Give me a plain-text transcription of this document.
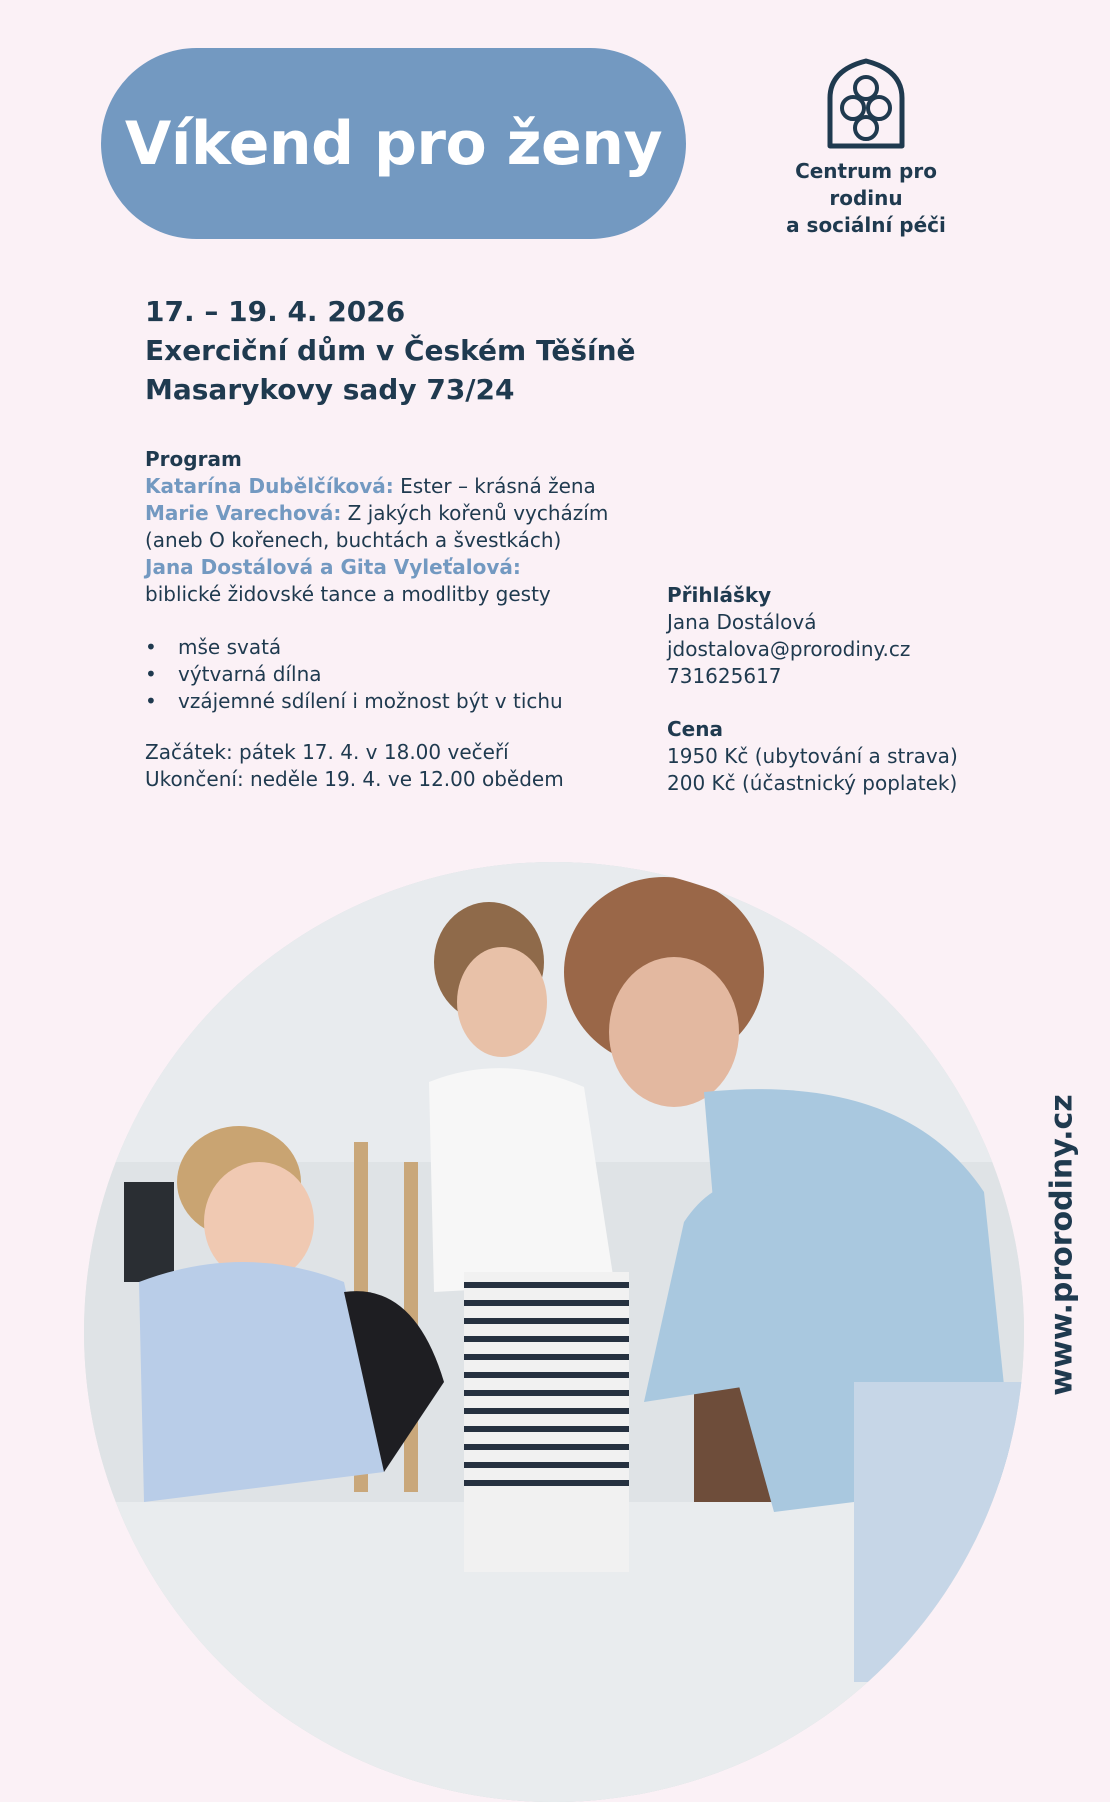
Víkend pro ženy	Centrum pro rodinu
a sociální péči
17. – 19. 4. 2026
Exerciční dům v Českém Těšíně
Masarykovy sady 73/24
Program
Katarína Dubělčíková: Ester – krásná žena
Marie Varechová: Z jakých kořenů vycházím
(aneb O kořenech, buchtách a švestkách)
Jana Dostálová a Gita Vyleťalová:
biblické židovské tance a modlitby gesty
• mše svatá
• výtvarná dílna
• vzájemné sdílení i možnost být v tichu
Začátek: pátek 17. 4. v 18.00 večeří
Ukončení: neděle 19. 4. ve 12.00 obědem
Přihlášky
Jana Dostálová
jdostalova@prorodiny.cz
731625617
Cena
1950 Kč (ubytování a strava)
200 Kč (účastnický poplatek)
www.prorodiny.cz
